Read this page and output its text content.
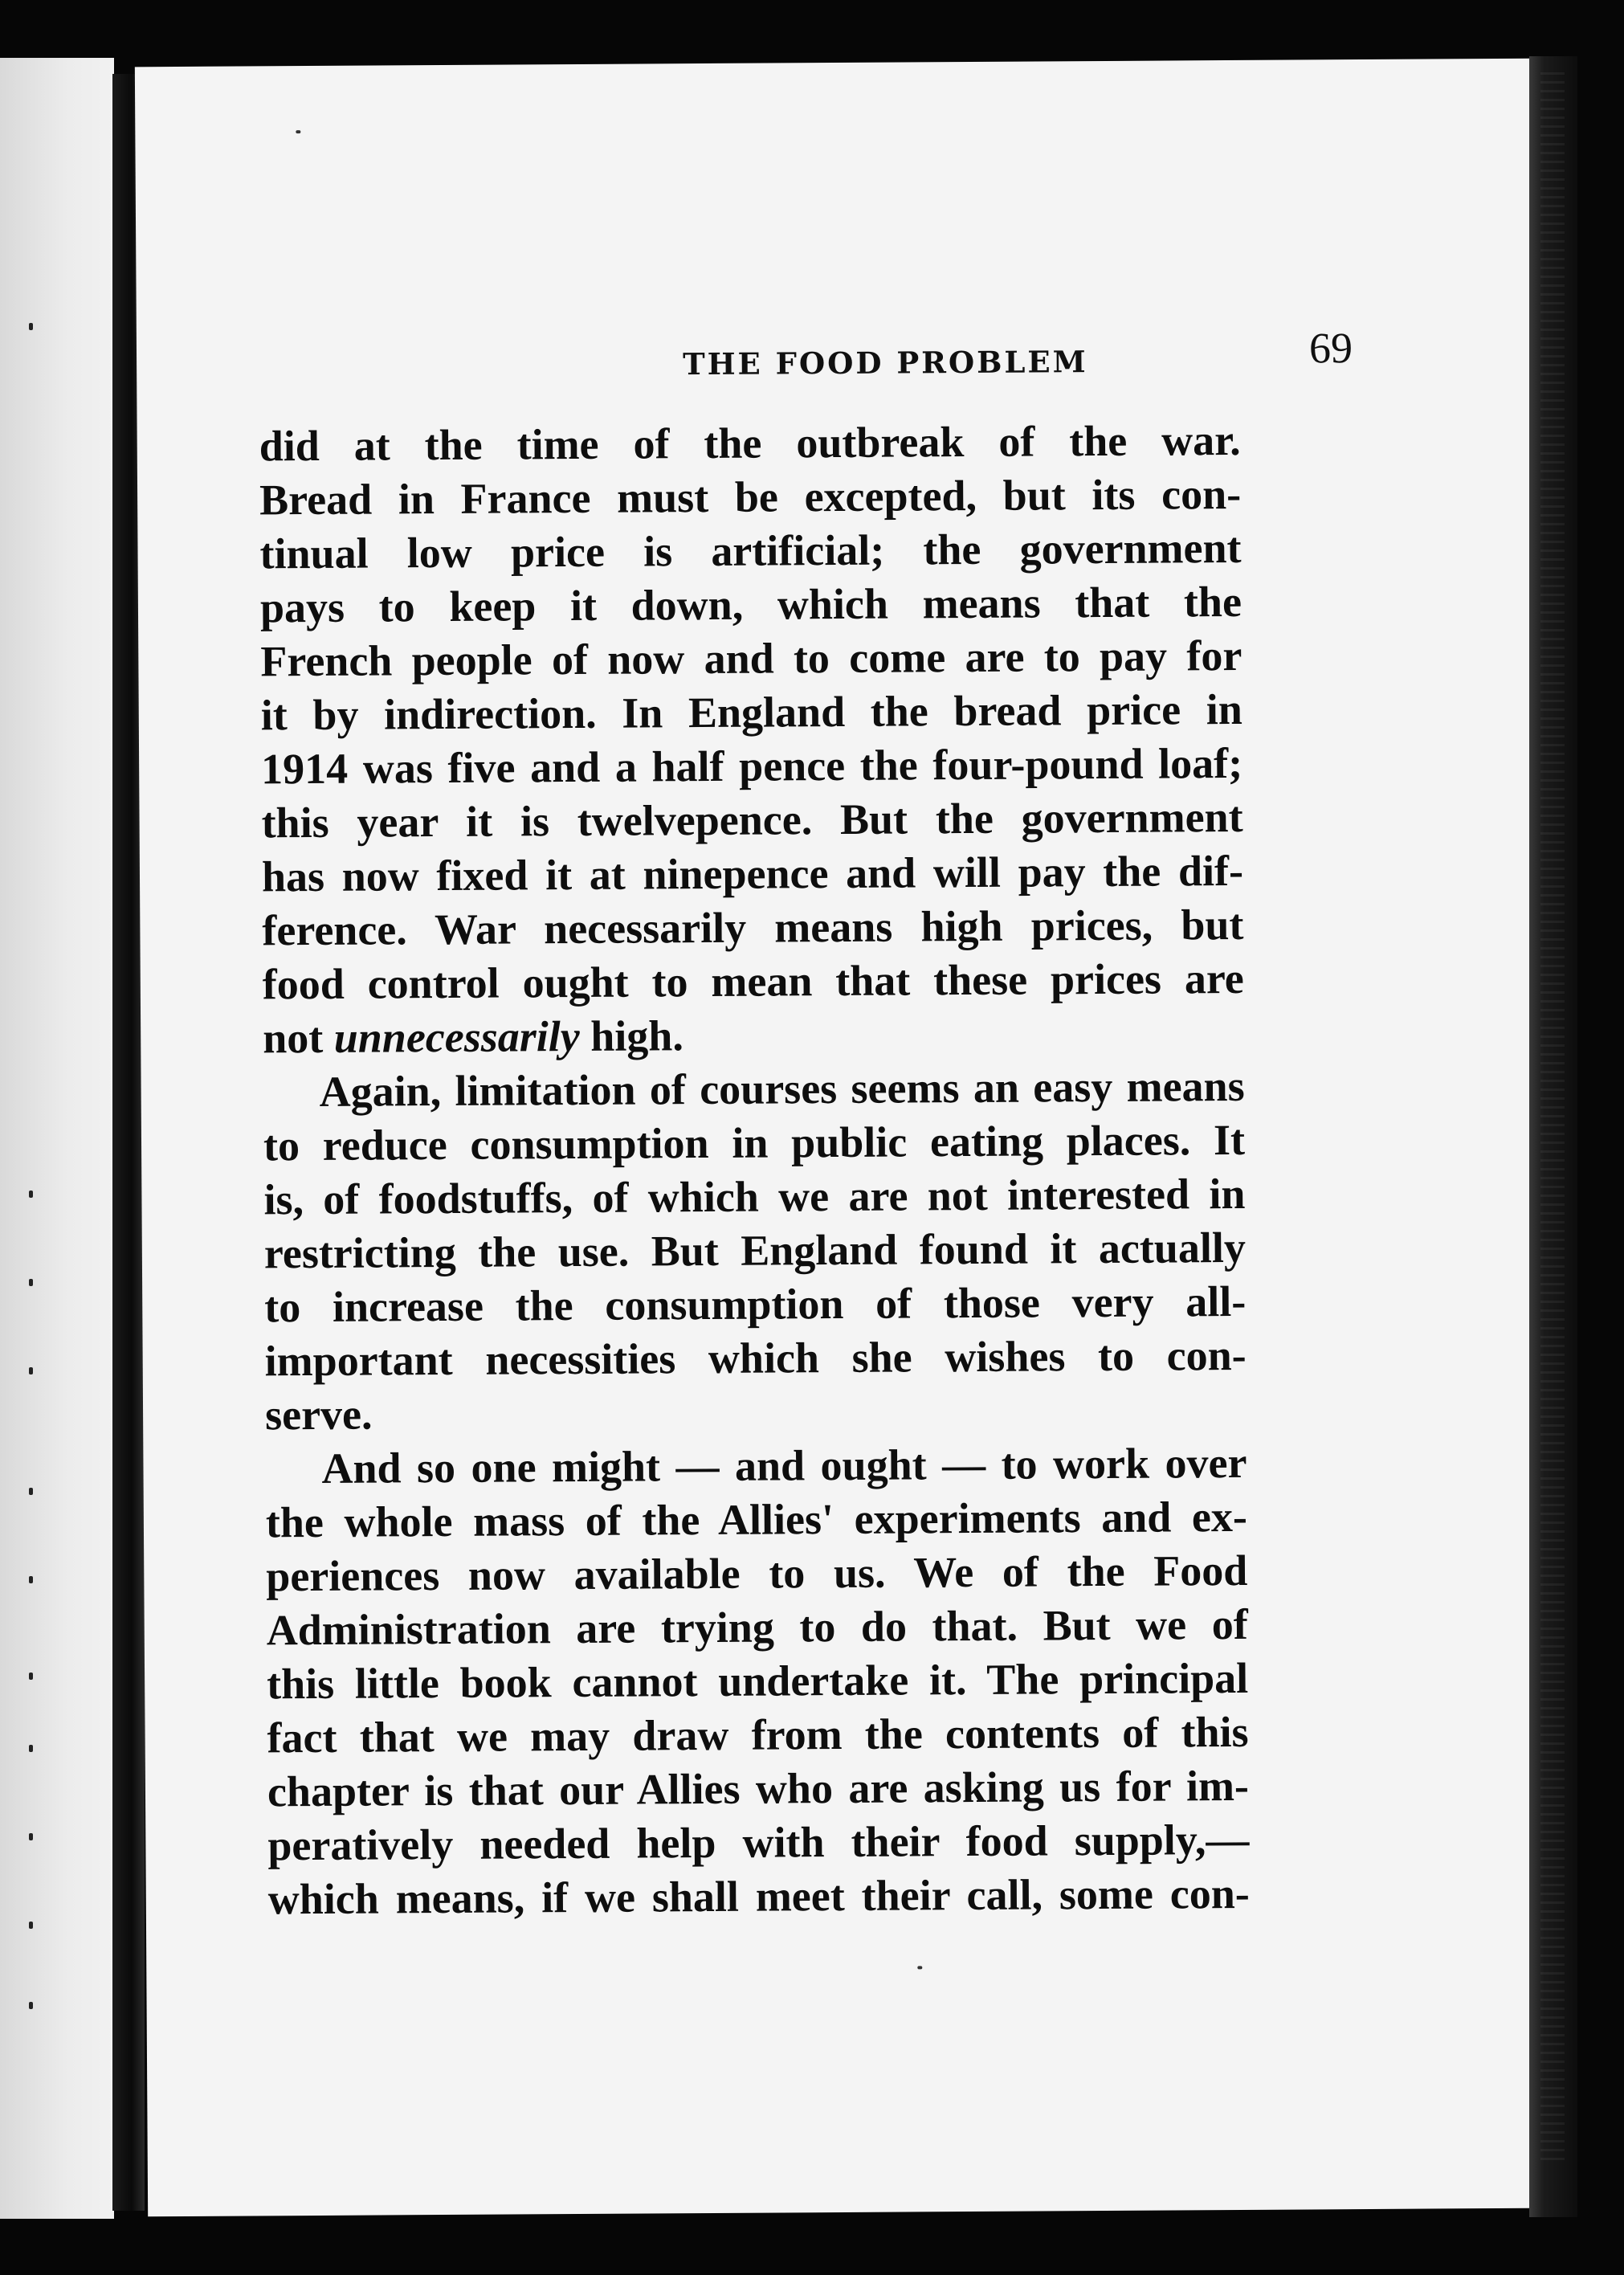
THE FOOD PROBLEM	69

did at the time of the outbreak of the war.
Bread in France must be excepted, but its con-
tinual low price is artificial; the government
pays to keep it down, which means that the
French people of now and to come are to pay for
it by indirection. In England the bread price in
1914 was five and a half pence the four-pound loaf;
this year it is twelvepence. But the government
has now fixed it at ninepence and will pay the dif-
ference. War necessarily means high prices, but
food control ought to mean that these prices are
not unnecessarily high.

Again, limitation of courses seems an easy means
to reduce consumption in public eating places. It
is, of foodstuffs, of which we are not interested in
restricting the use. But England found it actually
to increase the consumption of those very all-
important necessities which she wishes to con-
serve.

And so one might — and ought — to work over
the whole mass of the Allies' experiments and ex-
periences now available to us. We of the Food
Administration are trying to do that. But we of
this little book cannot undertake it. The principal
fact that we may draw from the contents of this
chapter is that our Allies who are asking us for im-
peratively needed help with their food supply,—
which means, if we shall meet their call, some con-
